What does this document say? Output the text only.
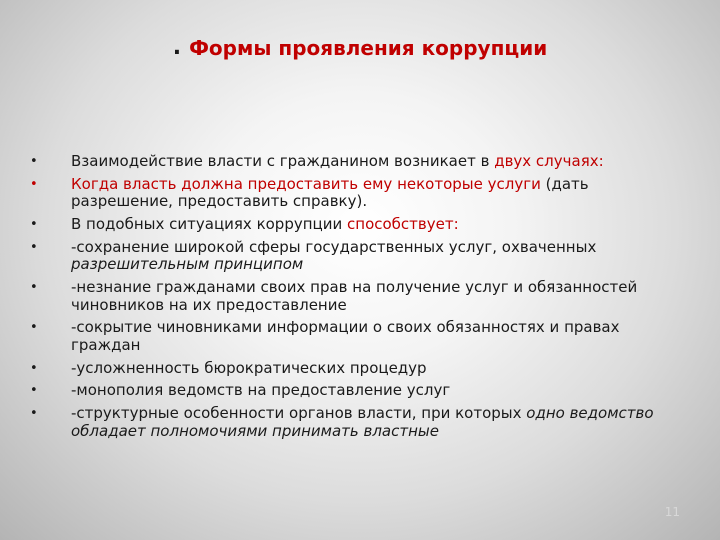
. Формы проявления коррупции
• Взаимодействие власти с гражданином возникает в двух случаях:
• Когда власть должна предоставить ему некоторые услуги (дать разрешение, предоставить справку).
• В подобных ситуациях коррупции способствует:
• -сохранение широкой сферы государственных услуг, охваченных разрешительным принципом
• -незнание гражданами своих прав на получение услуг и обязанностей чиновников на их предоставление
• -сокрытие чиновниками информации о своих обязанностях и правах граждан
• -усложненность бюрократических процедур
• -монополия ведомств на предоставление услуг
• -структурные особенности органов власти, при которых одно ведомство обладает полномочиями принимать властные
11
